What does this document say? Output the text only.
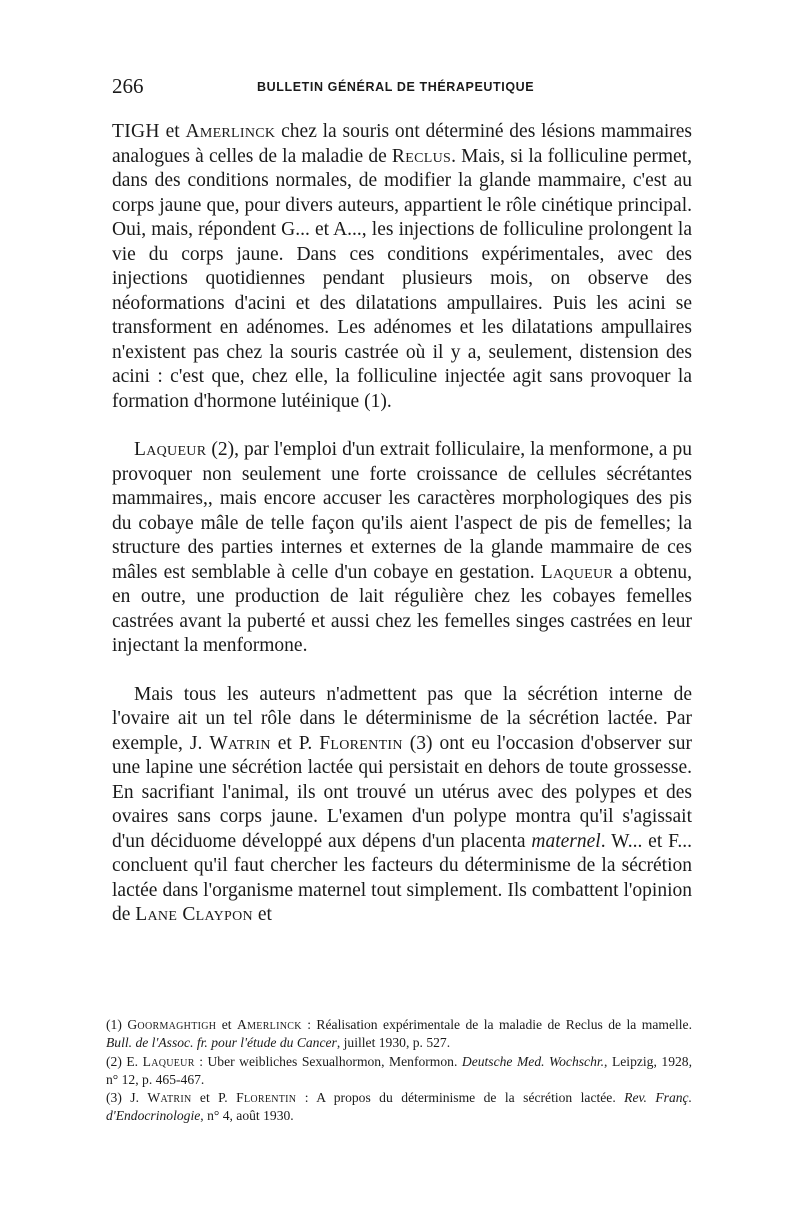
266	BULLETIN GÉNÉRAL DE THÉRAPEUTIQUE

TIGH et Amerlinck chez la souris ont déterminé des lésions mammaires analogues à celles de la maladie de Reclus. Mais, si la folliculine permet, dans des conditions normales, de modifier la glande mammaire, c'est au corps jaune que, pour divers auteurs, appartient le rôle cinétique principal. Oui, mais, répondent G... et A..., les injections de folliculine prolongent la vie du corps jaune. Dans ces conditions expérimentales, avec des injections quotidiennes pendant plusieurs mois, on observe des néoformations d'acini et des dilatations ampullaires. Puis les acini se transforment en adénomes. Les adénomes et les dilatations ampullaires n'existent pas chez la souris castrée où il y a, seulement, distension des acini : c'est que, chez elle, la folliculine injectée agit sans provoquer la formation d'hormone lutéinique (1).

Laqueur (2), par l'emploi d'un extrait folliculaire, la menformone, a pu provoquer non seulement une forte croissance de cellules sécrétantes mammaires,, mais encore accuser les caractères morphologiques des pis du cobaye mâle de telle façon qu'ils aient l'aspect de pis de femelles; la structure des parties internes et externes de la glande mammaire de ces mâles est semblable à celle d'un cobaye en gestation. Laqueur a obtenu, en outre, une production de lait régulière chez les cobayes femelles castrées avant la puberté et aussi chez les femelles singes castrées en leur injectant la menformone.

Mais tous les auteurs n'admettent pas que la sécrétion interne de l'ovaire ait un tel rôle dans le déterminisme de la sécrétion lactée. Par exemple, J. Watrin et P. Florentin (3) ont eu l'occasion d'observer sur une lapine une sécrétion lactée qui persistait en dehors de toute grossesse. En sacrifiant l'animal, ils ont trouvé un utérus avec des polypes et des ovaires sans corps jaune. L'examen d'un polype montra qu'il s'agissait d'un déciduome développé aux dépens d'un placenta maternel. W... et F... concluent qu'il faut chercher les facteurs du déterminisme de la sécrétion lactée dans l'organisme maternel tout simplement. Ils combattent l'opinion de Lane Claypon et

(1) Goormaghtigh et Amerlinck : Réalisation expérimentale de la maladie de Reclus de la mamelle. Bull. de l'Assoc. fr. pour l'étude du Cancer, juillet 1930, p. 527.

(2) E. Laqueur : Uber weibliches Sexualhormon, Menformon. Deutsche Med. Wochschr., Leipzig, 1928, n° 12, p. 465-467.

(3) J. Watrin et P. Florentin : A propos du déterminisme de la sécrétion lactée. Rev. Franç. d'Endocrinologie, n° 4, août 1930.
